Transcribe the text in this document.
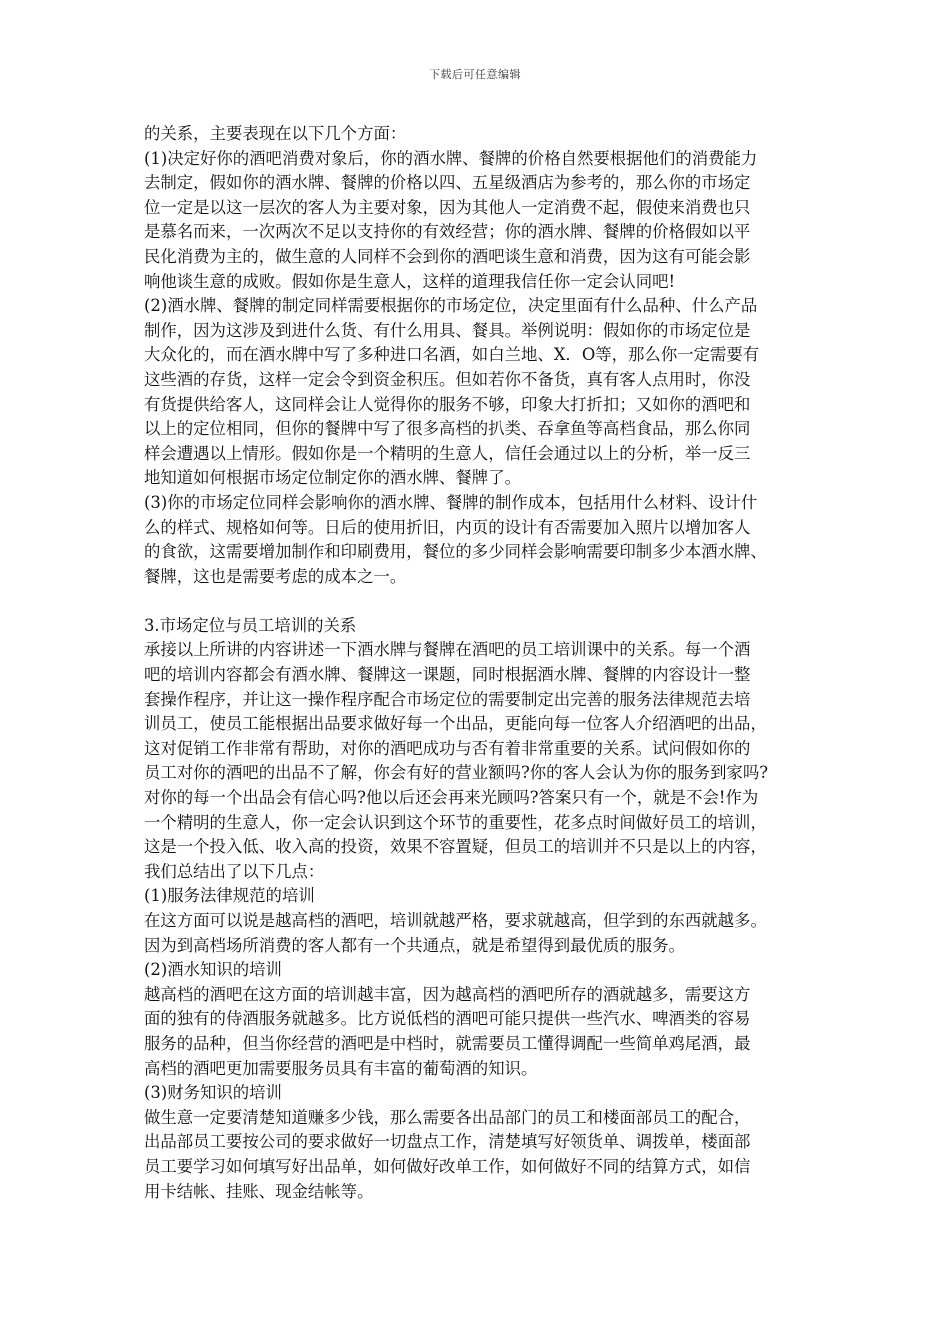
下载后可任意编辑
的关系，主要表现在以下几个方面：
(1)决定好你的酒吧消费对象后，你的酒水牌、餐牌的价格自然要根据他们的消费能力
去制定，假如你的酒水牌、餐牌的价格以四、五星级酒店为参考的，那么你的市场定
位一定是以这一层次的客人为主要对象，因为其他人一定消费不起，假使来消费也只
是慕名而来，一次两次不足以支持你的有效经营；你的酒水牌、餐牌的价格假如以平
民化消费为主的，做生意的人同样不会到你的酒吧谈生意和消费，因为这有可能会影
响他谈生意的成败。假如你是生意人，这样的道理我信任你一定会认同吧!
(2)酒水牌、餐牌的制定同样需要根据你的市场定位，决定里面有什么品种、什么产品
制作，因为这涉及到进什么货、有什么用具、餐具。举例说明：假如你的市场定位是
大众化的，而在酒水牌中写了多种进口名酒，如白兰地、X．O等，那么你一定需要有
这些酒的存货，这样一定会令到资金积压。但如若你不备货，真有客人点用时，你没
有货提供给客人，这同样会让人觉得你的服务不够，印象大打折扣；又如你的酒吧和
以上的定位相同，但你的餐牌中写了很多高档的扒类、吞拿鱼等高档食品，那么你同
样会遭遇以上情形。假如你是一个精明的生意人，信任会通过以上的分析，举一反三
地知道如何根据市场定位制定你的酒水牌、餐牌了。
(3)你的市场定位同样会影响你的酒水牌、餐牌的制作成本，包括用什么材料、设计什
么的样式、规格如何等。日后的使用折旧，内页的设计有否需要加入照片以增加客人
的食欲，这需要增加制作和印刷费用，餐位的多少同样会影响需要印制多少本酒水牌、
餐牌，这也是需要考虑的成本之一。
3.市场定位与员工培训的关系
承接以上所讲的内容讲述一下酒水牌与餐牌在酒吧的员工培训课中的关系。每一个酒
吧的培训内容都会有酒水牌、餐牌这一课题，同时根据酒水牌、餐牌的内容设计一整
套操作程序，并让这一操作程序配合市场定位的需要制定出完善的服务法律规范去培
训员工，使员工能根据出品要求做好每一个出品，更能向每一位客人介绍酒吧的出品，
这对促销工作非常有帮助，对你的酒吧成功与否有着非常重要的关系。试问假如你的
员工对你的酒吧的出品不了解，你会有好的营业额吗?你的客人会认为你的服务到家吗?
对你的每一个出品会有信心吗?他以后还会再来光顾吗?答案只有一个，就是不会!作为
一个精明的生意人，你一定会认识到这个环节的重要性，花多点时间做好员工的培训，
这是一个投入低、收入高的投资，效果不容置疑，但员工的培训并不只是以上的内容，
我们总结出了以下几点：
(1)服务法律规范的培训
在这方面可以说是越高档的酒吧，培训就越严格，要求就越高，但学到的东西就越多。
因为到高档场所消费的客人都有一个共通点，就是希望得到最优质的服务。
(2)酒水知识的培训
越高档的酒吧在这方面的培训越丰富，因为越高档的酒吧所存的酒就越多，需要这方
面的独有的侍酒服务就越多。比方说低档的酒吧可能只提供一些汽水、啤酒类的容易
服务的品种，但当你经营的酒吧是中档时，就需要员工懂得调配一些简单鸡尾酒，最
高档的酒吧更加需要服务员具有丰富的葡萄酒的知识。
(3)财务知识的培训
做生意一定要清楚知道赚多少钱，那么需要各出品部门的员工和楼面部员工的配合，
出品部员工要按公司的要求做好一切盘点工作，清楚填写好领货单、调拨单，楼面部
员工要学习如何填写好出品单，如何做好改单工作，如何做好不同的结算方式，如信
用卡结帐、挂账、现金结帐等。
